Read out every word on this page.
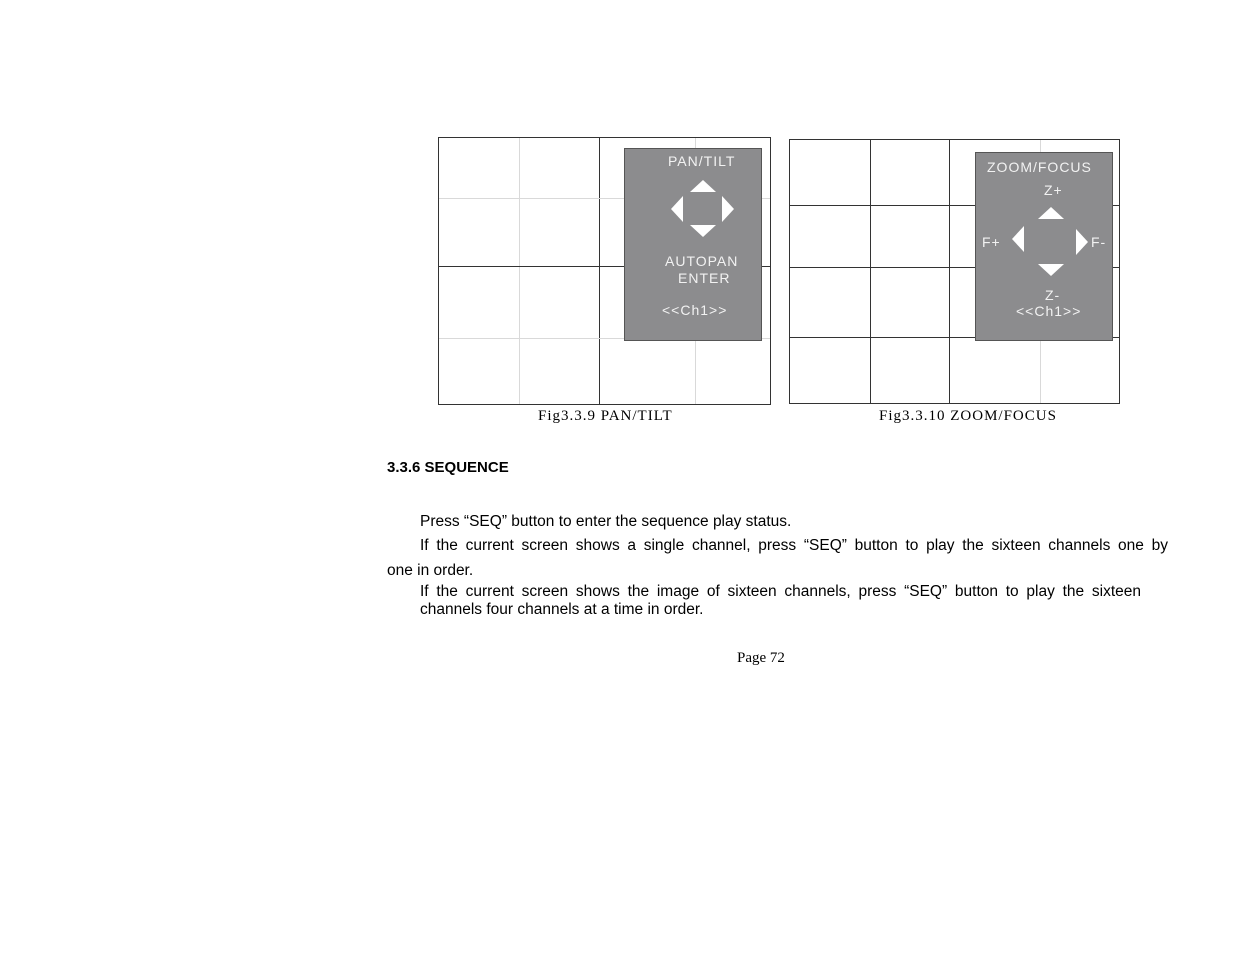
PAN/TILT
AUTOPAN
ENTER
<<Ch1>>
Fig3.3.9 PAN/TILT
ZOOM/FOCUS
Z+
F+	F-
Z-
<<Ch1>>
Fig3.3.10 ZOOM/FOCUS
3.3.6 SEQUENCE
Press “SEQ” button to enter the sequence play status.
If the current screen shows a single channel, press “SEQ” button to play the sixteen channels one by
one in order.
If the current screen shows the image of sixteen channels, press “SEQ” button to play the sixteen channels four channels at a time in order.
Page 72
